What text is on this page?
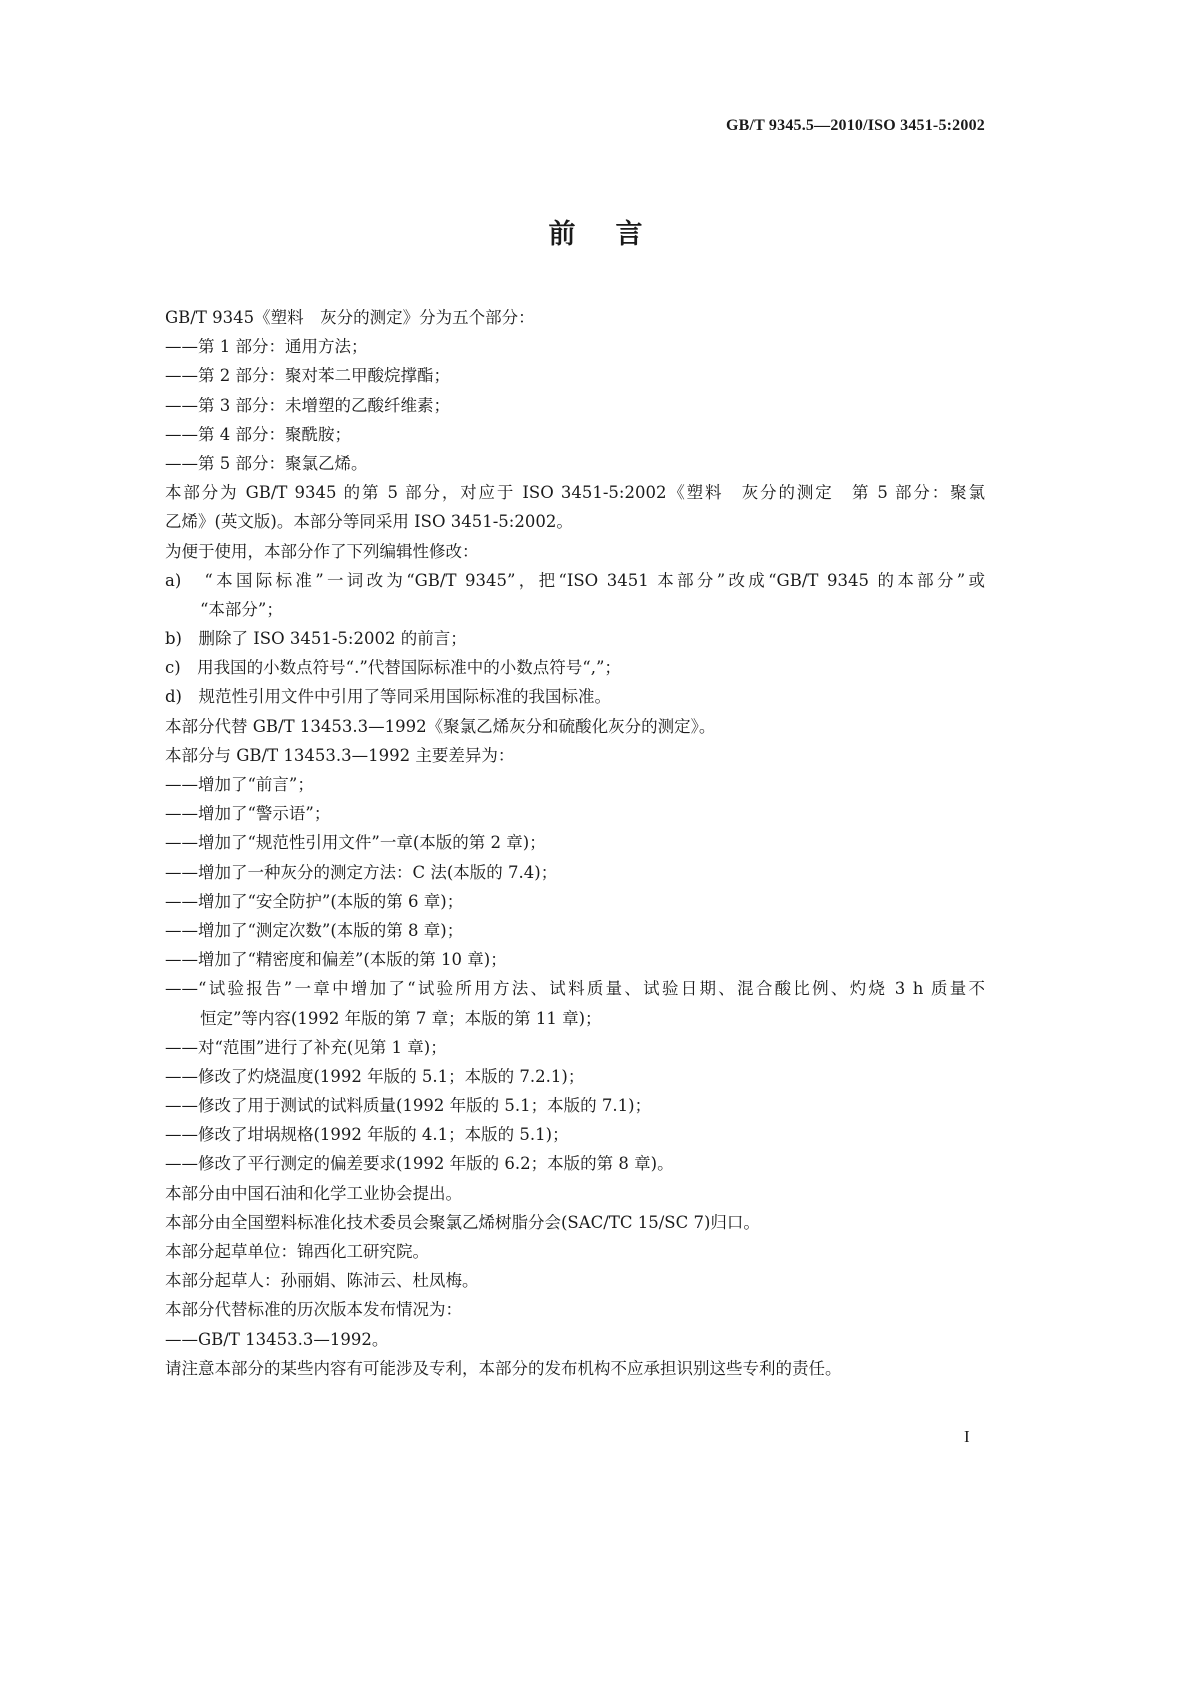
GB/T 9345.5—2010/ISO 3451-5:2002
前言
GB/T 9345《塑料　灰分的测定》分为五个部分：
——第 1 部分：通用方法；
——第 2 部分：聚对苯二甲酸烷撑酯；
——第 3 部分：未增塑的乙酸纤维素；
——第 4 部分：聚酰胺；
——第 5 部分：聚氯乙烯。
本部分为 GB/T 9345 的第 5 部分，对应于 ISO 3451-5:2002《塑料　灰分的测定　第 5 部分：聚氯
乙烯》(英文版)。本部分等同采用 ISO 3451-5:2002。
为便于使用，本部分作了下列编辑性修改：
a)　“本国际标准”一词改为“GB/T 9345”，把“ISO 3451 本部分”改成“GB/T 9345 的本部分”或
“本部分”；
b)　删除了 ISO 3451-5:2002 的前言；
c)　用我国的小数点符号“.”代替国际标准中的小数点符号“,”；
d)　规范性引用文件中引用了等同采用国际标准的我国标准。
本部分代替 GB/T 13453.3—1992《聚氯乙烯灰分和硫酸化灰分的测定》。
本部分与 GB/T 13453.3—1992 主要差异为：
——增加了“前言”；
——增加了“警示语”；
——增加了“规范性引用文件”一章(本版的第 2 章)；
——增加了一种灰分的测定方法：C 法(本版的 7.4)；
——增加了“安全防护”(本版的第 6 章)；
——增加了“测定次数”(本版的第 8 章)；
——增加了“精密度和偏差”(本版的第 10 章)；
——“试验报告”一章中增加了“试验所用方法、试料质量、试验日期、混合酸比例、灼烧 3 h 质量不
恒定”等内容(1992 年版的第 7 章；本版的第 11 章)；
——对“范围”进行了补充(见第 1 章)；
——修改了灼烧温度(1992 年版的 5.1；本版的 7.2.1)；
——修改了用于测试的试料质量(1992 年版的 5.1；本版的 7.1)；
——修改了坩埚规格(1992 年版的 4.1；本版的 5.1)；
——修改了平行测定的偏差要求(1992 年版的 6.2；本版的第 8 章)。
本部分由中国石油和化学工业协会提出。
本部分由全国塑料标准化技术委员会聚氯乙烯树脂分会(SAC/TC 15/SC 7)归口。
本部分起草单位：锦西化工研究院。
本部分起草人：孙丽娟、陈沛云、杜凤梅。
本部分代替标准的历次版本发布情况为：
——GB/T 13453.3—1992。
请注意本部分的某些内容有可能涉及专利，本部分的发布机构不应承担识别这些专利的责任。
I
